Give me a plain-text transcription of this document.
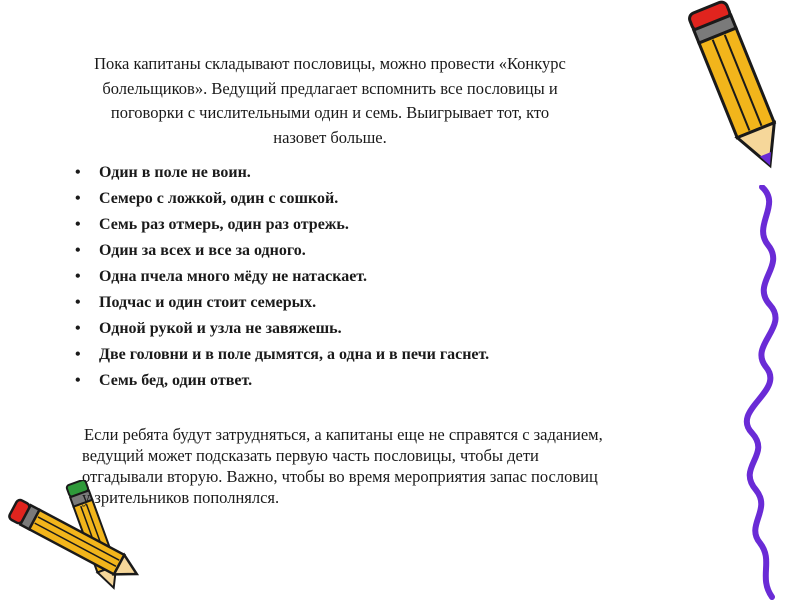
Пока капитаны складывают пословицы, можно провести «Конкурс
болельщиков». Ведущий предлагает вспомнить все пословицы и
поговорки с числительными один и семь. Выигрывает тот, кто
назовет больше.
• Один в поле не воин.
• Семеро с ложкой, один с сошкой.
• Семь раз отмерь, один раз отрежь.
• Один за всех и все за одного.
• Одна пчела много мёду не натаскает.
• Подчас и один стоит семерых.
• Одной рукой и узла не завяжешь.
• Две головни и в поле дымятся, а одна и в печи гаснет.
• Семь бед, один ответ.
Если ребята будут затрудняться, а капитаны еще не справятся с заданием,
ведущий может подсказать первую часть пословицы, чтобы дети
отгадывали вторую. Важно, чтобы во время мероприятия запас пословиц
у зрительников пополнялся.
